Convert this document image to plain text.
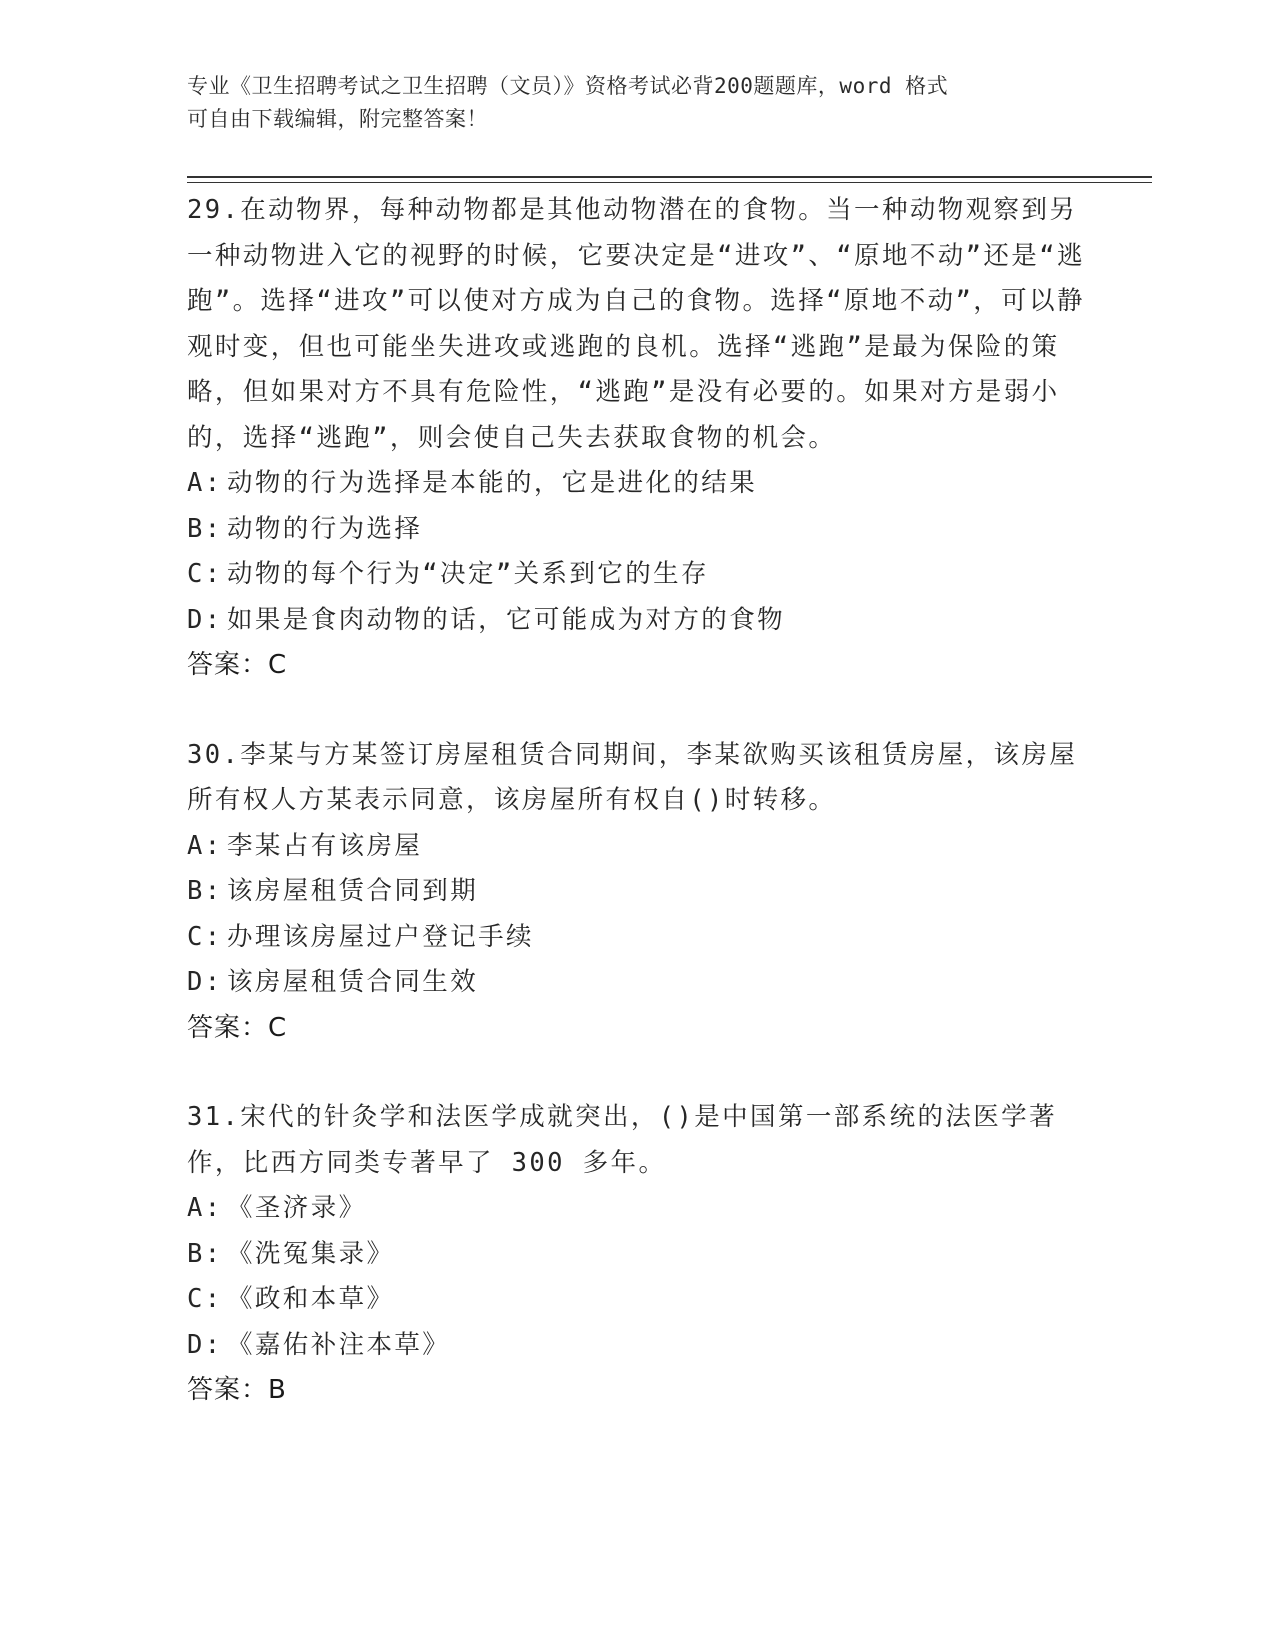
专业《卫生招聘考试之卫生招聘（文员）》资格考试必背200题题库，word 格式
可自由下载编辑，附完整答案！

29.在动物界，每种动物都是其他动物潜在的食物。当一种动物观察到另一种动物进入它的视野的时候，它要决定是“进攻”、“原地不动”还是“逃跑”。选择“进攻”可以使对方成为自己的食物。选择“原地不动”，可以静观时变，但也可能坐失进攻或逃跑的良机。选择“逃跑”是最为保险的策略，但如果对方不具有危险性，“逃跑”是没有必要的。如果对方是弱小的，选择“逃跑”，则会使自己失去获取食物的机会。

A: 动物的行为选择是本能的，它是进化的结果

B: 动物的行为选择

C: 动物的每个行为“决定”关系到它的生存

D: 如果是食肉动物的话，它可能成为对方的食物

答案：C

30.李某与方某签订房屋租赁合同期间，李某欲购买该租赁房屋，该房屋所有权人方某表示同意，该房屋所有权自()时转移。

A: 李某占有该房屋

B: 该房屋租赁合同到期

C: 办理该房屋过户登记手续

D: 该房屋租赁合同生效

答案：C

31.宋代的针灸学和法医学成就突出，()是中国第一部系统的法医学著作，比西方同类专著早了 300 多年。

A: 《圣济录》

B: 《洗冤集录》

C: 《政和本草》

D: 《嘉佑补注本草》

答案：B
